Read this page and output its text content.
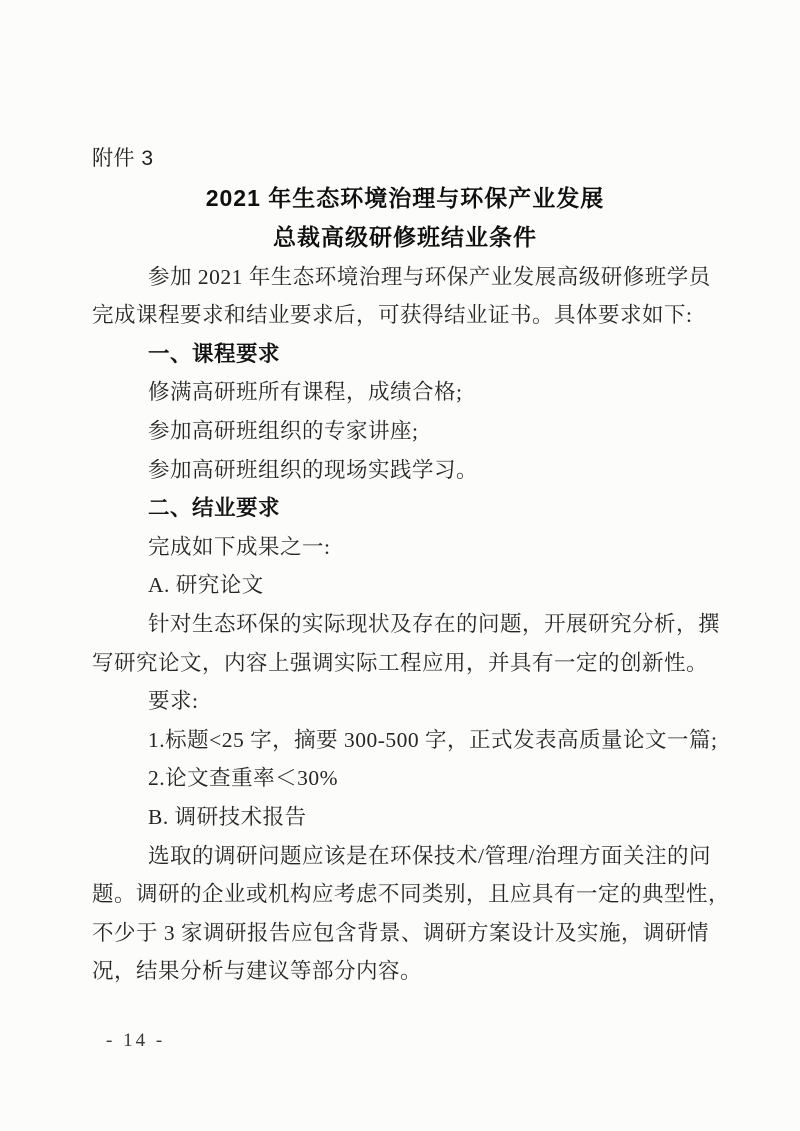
附件 3
2021 年生态环境治理与环保产业发展
总裁高级研修班结业条件
参加 2021 年生态环境治理与环保产业发展高级研修班学员
完成课程要求和结业要求后，可获得结业证书。具体要求如下:
一、课程要求
修满高研班所有课程，成绩合格;
参加高研班组织的专家讲座;
参加高研班组织的现场实践学习。
二、结业要求
完成如下成果之一:
A. 研究论文
针对生态环保的实际现状及存在的问题，开展研究分析，撰
写研究论文，内容上强调实际工程应用，并具有一定的创新性。
要求:
1.标题<25 字，摘要 300-500 字，正式发表高质量论文一篇;
2.论文查重率＜30%
B. 调研技术报告
选取的调研问题应该是在环保技术/管理/治理方面关注的问
题。调研的企业或机构应考虑不同类别，且应具有一定的典型性，
不少于 3 家调研报告应包含背景、调研方案设计及实施，调研情
况，结果分析与建议等部分内容。
- 14 -
